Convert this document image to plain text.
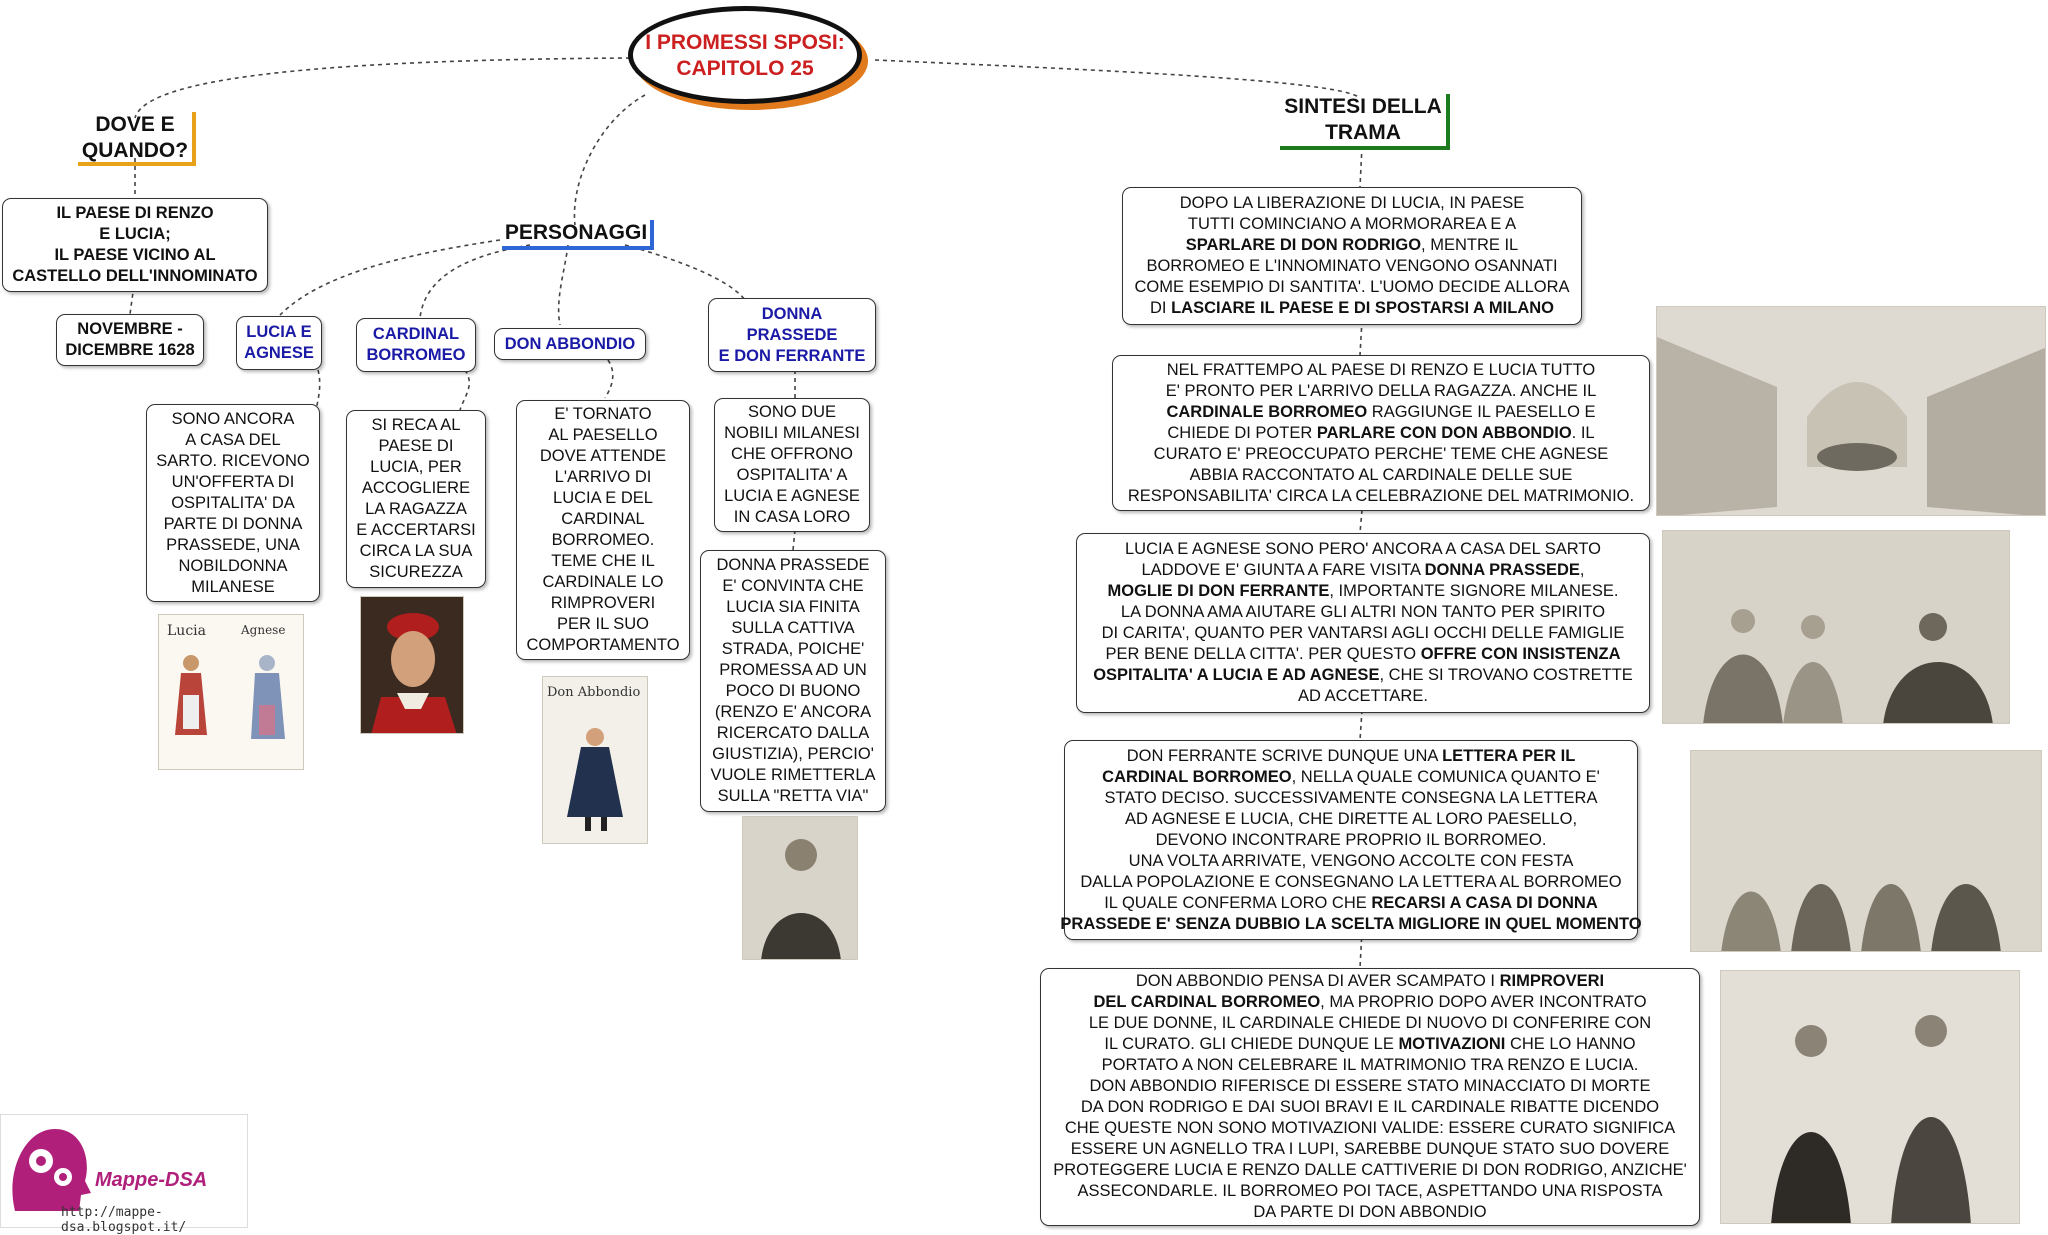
I PROMESSI SPOSI:
CAPITOLO 25
DOVE E
QUANDO?
PERSONAGGI
SINTESI DELLA
TRAMA
IL PAESE DI RENZO
E LUCIA;
IL PAESE VICINO AL
CASTELLO DELL'INNOMINATO
NOVEMBRE -
DICEMBRE 1628
LUCIA E
AGNESE
CARDINAL
BORROMEO
DON ABBONDIO
DONNA
PRASSEDE
E DON FERRANTE
SONO ANCORA
A CASA DEL
SARTO. RICEVONO
UN'OFFERTA DI
OSPITALITA' DA
PARTE DI DONNA
PRASSEDE, UNA
NOBILDONNA
MILANESE
SI RECA AL
PAESE DI
LUCIA, PER
ACCOGLIERE
LA RAGAZZA
E ACCERTARSI
CIRCA LA SUA
SICUREZZA
E' TORNATO
AL PAESELLO
DOVE ATTENDE
L'ARRIVO DI
LUCIA E DEL
CARDINAL
BORROMEO.
TEME CHE IL
CARDINALE LO
RIMPROVERI
PER IL SUO
COMPORTAMENTO
SONO DUE
NOBILI MILANESI
CHE OFFRONO
OSPITALITA' A
LUCIA E AGNESE
IN CASA LORO
DONNA PRASSEDE
E' CONVINTA CHE
LUCIA SIA FINITA
SULLA CATTIVA
STRADA, POICHE'
PROMESSA AD UN
POCO DI BUONO
(RENZO E' ANCORA
RICERCATO DALLA
GIUSTIZIA), PERCIO'
VUOLE RIMETTERLA
SULLA "RETTA VIA"
Lucia	Agnese
Don Abbondio
DOPO LA LIBERAZIONE DI LUCIA, IN PAESE
TUTTI COMINCIANO A MORMORAREA E A
SPARLARE DI DON RODRIGO, MENTRE IL
BORROMEO E L'INNOMINATO VENGONO OSANNATI
COME ESEMPIO DI SANTITA'. L'UOMO DECIDE ALLORA
DI LASCIARE IL PAESE E DI SPOSTARSI A MILANO
NEL FRATTEMPO AL PAESE DI RENZO E LUCIA TUTTO
E' PRONTO PER L'ARRIVO DELLA RAGAZZA. ANCHE IL
CARDINALE BORROMEO RAGGIUNGE IL PAESELLO E
CHIEDE DI POTER PARLARE CON DON ABBONDIO. IL
CURATO E' PREOCCUPATO PERCHE' TEME CHE AGNESE
ABBIA RACCONTATO AL CARDINALE DELLE SUE
RESPONSABILITA' CIRCA LA CELEBRAZIONE DEL MATRIMONIO.
LUCIA E AGNESE SONO PERO' ANCORA A CASA DEL SARTO
LADDOVE E' GIUNTA A FARE VISITA DONNA PRASSEDE,
MOGLIE DI DON FERRANTE, IMPORTANTE SIGNORE MILANESE.
LA DONNA AMA AIUTARE GLI ALTRI NON TANTO PER SPIRITO
DI CARITA', QUANTO PER VANTARSI AGLI OCCHI DELLE FAMIGLIE
PER BENE DELLA CITTA'. PER QUESTO OFFRE CON INSISTENZA
OSPITALITA' A LUCIA E AD AGNESE, CHE SI TROVANO COSTRETTE
AD ACCETTARE.
DON FERRANTE SCRIVE DUNQUE UNA LETTERA PER IL
CARDINAL BORROMEO, NELLA QUALE COMUNICA QUANTO E'
STATO DECISO. SUCCESSIVAMENTE CONSEGNA LA LETTERA
AD AGNESE E LUCIA, CHE DIRETTE AL LORO PAESELLO,
DEVONO INCONTRARE PROPRIO IL BORROMEO.
UNA VOLTA ARRIVATE, VENGONO ACCOLTE CON FESTA
DALLA POPOLAZIONE E CONSEGNANO LA LETTERA AL BORROMEO
IL QUALE CONFERMA LORO CHE RECARSI A CASA DI DONNA
PRASSEDE E' SENZA DUBBIO LA SCELTA MIGLIORE IN QUEL MOMENTO
DON ABBONDIO PENSA DI AVER SCAMPATO I RIMPROVERI
DEL CARDINAL BORROMEO, MA PROPRIO DOPO AVER INCONTRATO
LE DUE DONNE, IL CARDINALE CHIEDE DI NUOVO DI CONFERIRE CON
IL CURATO. GLI CHIEDE DUNQUE LE MOTIVAZIONI CHE LO HANNO
PORTATO A NON CELEBRARE IL MATRIMONIO TRA RENZO E LUCIA.
DON ABBONDIO RIFERISCE DI ESSERE STATO MINACCIATO DI MORTE
DA DON RODRIGO E DAI SUOI BRAVI E IL CARDINALE RIBATTE DICENDO
CHE QUESTE NON SONO MOTIVAZIONI VALIDE: ESSERE CURATO SIGNIFICA
ESSERE UN AGNELLO TRA I LUPI, SAREBBE DUNQUE STATO SUO DOVERE
PROTEGGERE LUCIA E RENZO DALLE CATTIVERIE DI DON RODRIGO, ANZICHE'
ASSECONDARLE. IL BORROMEO POI TACE, ASPETTANDO UNA RISPOSTA
DA PARTE DI DON ABBONDIO
Mappe-DSA
http://mappe-dsa.blogspot.it/
